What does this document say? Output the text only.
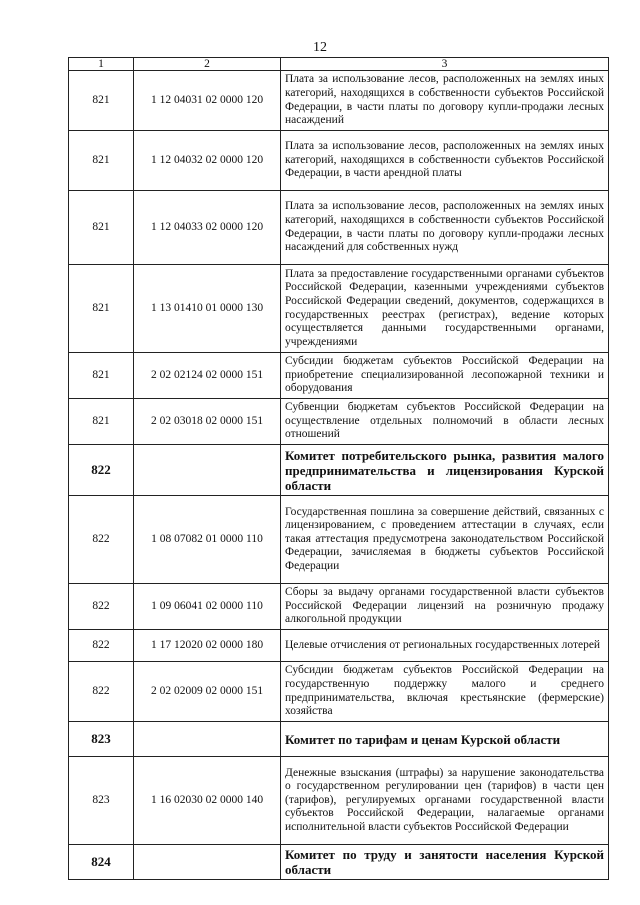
12
1	2	3
821	1 12 04031 02 0000 120	Плата за использование лесов, расположенных на землях иных категорий, находящихся в собственности субъектов Российской Федерации, в части платы по договору купли-продажи лесных насаждений
821	1 12 04032 02 0000 120	Плата за использование лесов, расположенных на землях иных категорий, находящихся в собственности субъектов Российской Федерации, в части арендной платы
821	1 12 04033 02 0000 120	Плата за использование лесов, расположенных на землях иных категорий, находящихся в собственности субъектов Российской Федерации, в части платы по договору купли-продажи лесных насаждений для собственных нужд
821	1 13 01410 01 0000 130	Плата за предоставление государственными органами субъектов Российской Федерации, казенными учреждениями субъектов Российской Федерации сведений, документов, содержащихся в государственных реестрах (регистрах), ведение которых осуществляется данными государственными органами, учреждениями
821	2 02 02124 02 0000 151	Субсидии бюджетам субъектов Российской Федерации на приобретение специализированной лесопожарной техники и оборудования
821	2 02 03018 02 0000 151	Субвенции бюджетам субъектов Российской Федерации на осуществление отдельных полномочий в области лесных отношений
822		Комитет потребительского рынка, развития малого предпринимательства и лицензирования Курской области
822	1 08 07082 01 0000 110	Государственная пошлина за совершение действий, связанных с лицензированием, с проведением аттестации в случаях, если такая аттестация предусмотрена законодательством Российской Федерации, зачисляемая в бюджеты субъектов Российской Федерации
822	1 09 06041 02 0000 110	Сборы за выдачу органами государственной власти субъектов Российской Федерации лицензий на розничную продажу алкогольной продукции
822	1 17 12020 02 0000 180	Целевые отчисления от региональных государственных лотерей
822	2 02 02009 02 0000 151	Субсидии бюджетам субъектов Российской Федерации на государственную поддержку малого и среднего предпринимательства, включая крестьянские (фермерские) хозяйства
823		Комитет по тарифам и ценам Курской области
823	1 16 02030 02 0000 140	Денежные взыскания (штрафы) за нарушение законодательства о государственном регулировании цен (тарифов) в части цен (тарифов), регулируемых органами государственной власти субъектов Российской Федерации, налагаемые органами исполнительной власти субъектов Российской Федерации
824		Комитет по труду и занятости населения Курской области
